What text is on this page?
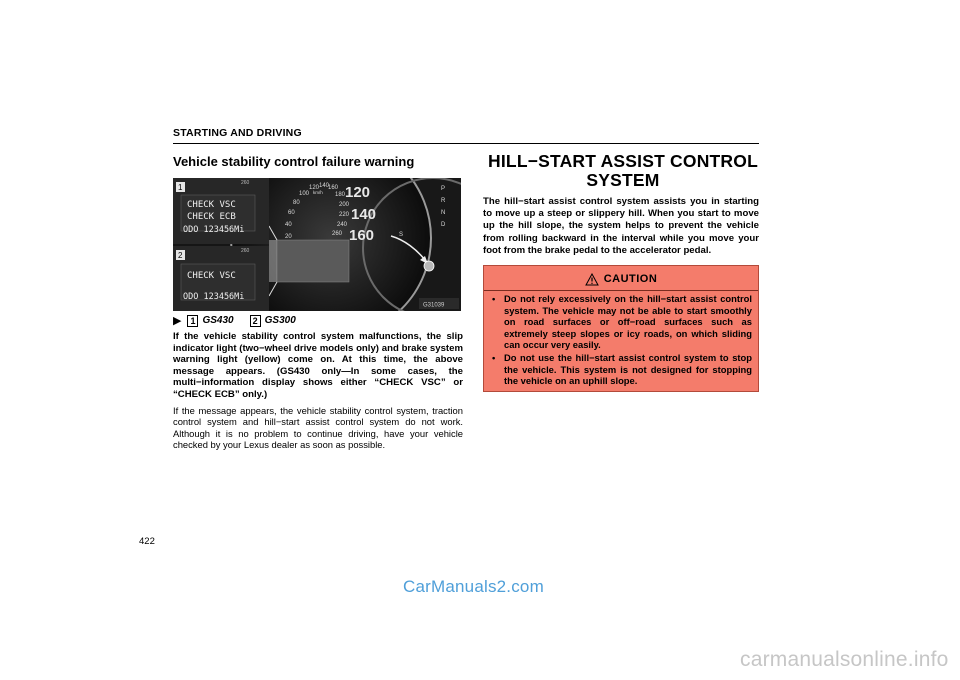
STARTING AND DRIVING
Vehicle stability control failure warning
20
40
60
80
100
120 140
160
180
200
220
240
260
km/h 120
140
160
P
R
N
D
S
1	260
CHECK VSC
CHECK ECB
ODO 123456Mi
2	260
CHECK VSC
ODO 123456Mi
G31039
▶	1 GS430	2 GS300
If the vehicle stability control system malfunctions, the slip indicator light (two−wheel drive models only) and brake system warning light (yellow) come on. At this time, the above message appears. (GS430 only—In some cases, the multi−information display shows either “CHECK VSC” or “CHECK ECB” only.)
If the message appears, the vehicle stability control system, traction control system and hill−start assist control system do not work. Although it is no problem to continue driving, have your vehicle checked by your Lexus dealer as soon as possible.
HILL−START ASSIST CONTROL
SYSTEM
The hill−start assist control system assists you in starting to move up a steep or slippery hill. When you start to move up the hill slope, the system helps to prevent the vehicle from rolling backward in the interval while you move your foot from the brake pedal to the accelerator pedal.
CAUTION
• Do not rely excessively on the hill−start assist control system. The vehicle may not be able to start smoothly on road surfaces or off−road surfaces such as extremely steep slopes or icy roads, on which sliding can occur very easily.
• Do not use the hill−start assist control system to stop the vehicle. This system is not designed for stopping the vehicle on an uphill slope.
422
CarManuals2.com
carmanualsonline.info
